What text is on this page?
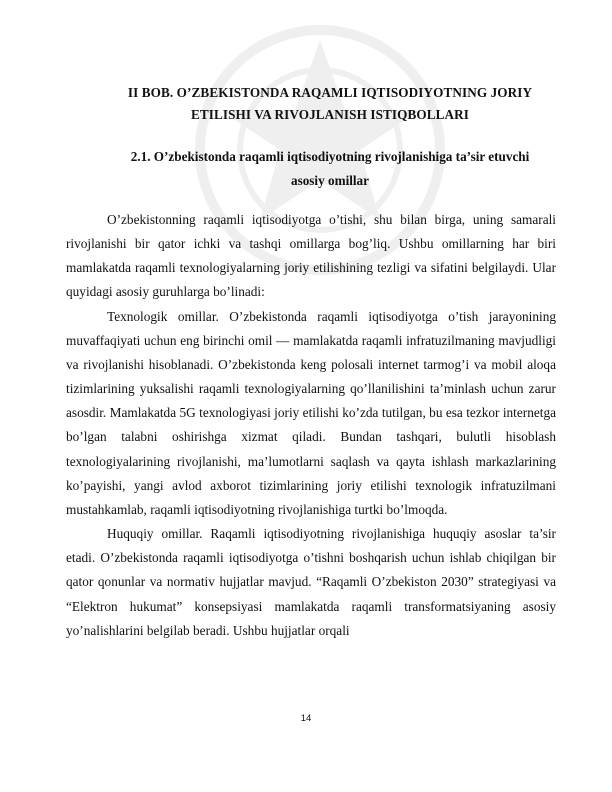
II BOB. O’ZBEKISTONDA RAQAMLI IQTISODIYOTNING JORIY
ETILISHI VA RIVOJLANISH ISTIQBOLLARI
2.1. O’zbekistonda raqamli iqtisodiyotning rivojlanishiga ta’sir etuvchi
asosiy omillar

O’zbekistonning raqamli iqtisodiyotga o’tishi, shu bilan birga, uning samarali rivojlanishi bir qator ichki va tashqi omillarga bog’liq. Ushbu omillarning har biri mamlakatda raqamli texnologiyalarning joriy etilishining tezligi va sifatini belgilaydi. Ular quyidagi asosiy guruhlarga bo’linadi:

Texnologik omillar. O’zbekistonda raqamli iqtisodiyotga o’tish jarayonining muvaffaqiyati uchun eng birinchi omil — mamlakatda raqamli infratuzilmaning mavjudligi va rivojlanishi hisoblanadi. O’zbekistonda keng polosali internet tarmog’i va mobil aloqa tizimlarining yuksalishi raqamli texnologiyalarning qo’llanilishini ta’minlash uchun zarur asosdir. Mamlakatda 5G texnologiyasi joriy etilishi ko’zda tutilgan, bu esa tezkor internetga bo’lgan talabni oshirishga xizmat qiladi. Bundan tashqari, bulutli hisoblash texnologiyalarining rivojlanishi, ma’lumotlarni saqlash va qayta ishlash markazlarining ko’payishi, yangi avlod axborot tizimlarining joriy etilishi texnologik infratuzilmani mustahkamlab, raqamli iqtisodiyotning rivojlanishiga turtki bo’lmoqda.

Huquqiy omillar. Raqamli iqtisodiyotning rivojlanishiga huquqiy asoslar ta’sir etadi. O’zbekistonda raqamli iqtisodiyotga o’tishni boshqarish uchun ishlab chiqilgan bir qator qonunlar va normativ hujjatlar mavjud. “Raqamli O’zbekiston 2030” strategiyasi va “Elektron hukumat” konsepsiyasi mamlakatda raqamli transformatsiyaning asosiy yo’nalishlarini belgilab beradi. Ushbu hujjatlar orqali

14
